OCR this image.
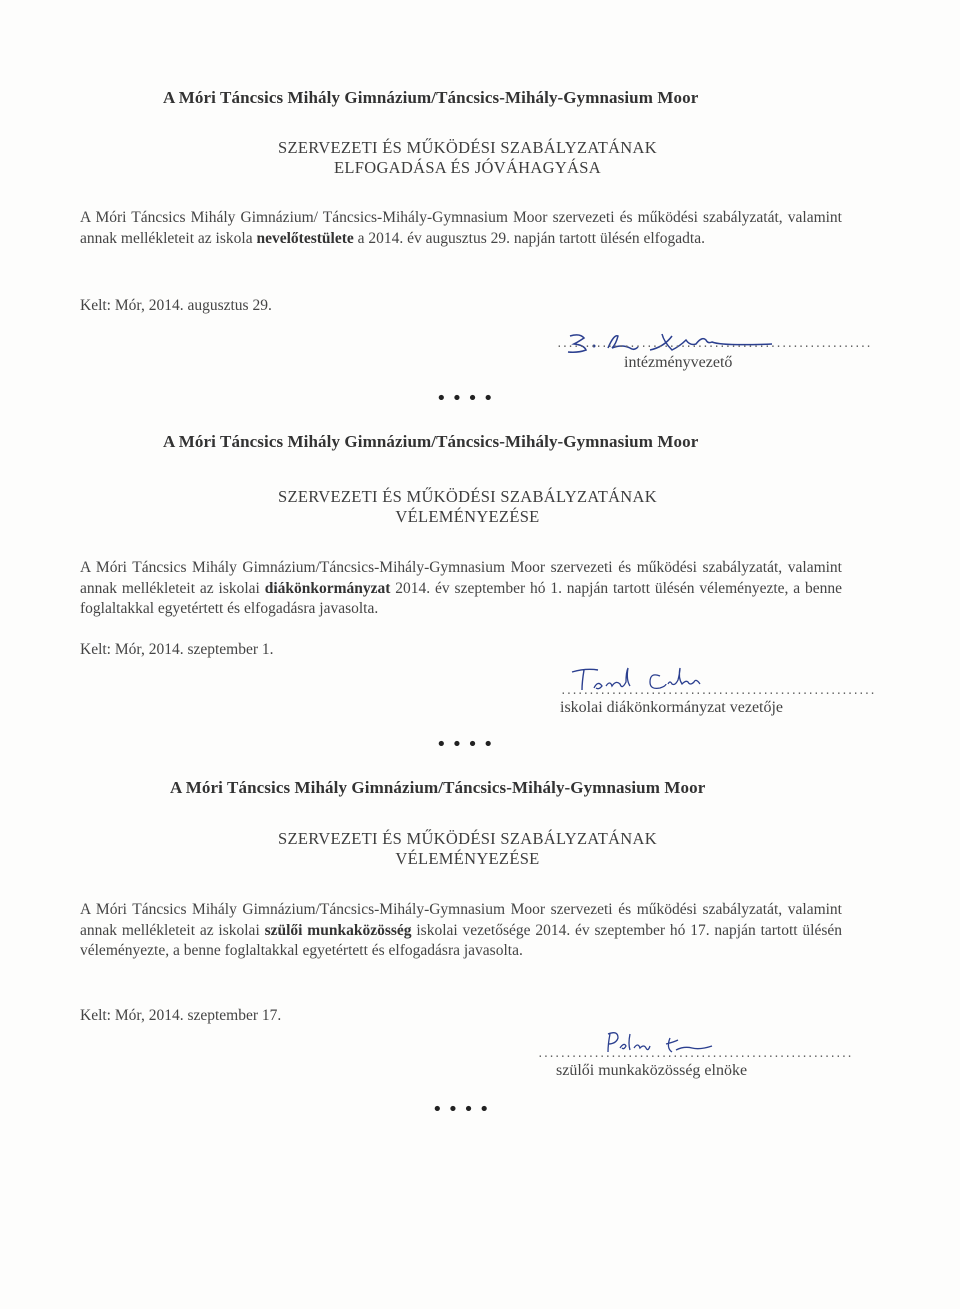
A Móri Táncsics Mihály Gimnázium/Táncsics-Mihály-Gymnasium Moor
SZERVEZETI ÉS MŰKÖDÉSI SZABÁLYZATÁNAK
ELFOGADÁSA ÉS JÓVÁHAGYÁSA
A Móri Táncsics Mihály Gimnázium/ Táncsics-Mihály-Gymnasium Moor szervezeti és működési szabályzatát, valamint annak mellékleteit az iskola nevelőtestülete a 2014. év augusztus 29. napján tartott ülésén elfogadta.
Kelt: Mór, 2014. augusztus 29.
........................................................
intézményvezető
••••
A Móri Táncsics Mihály Gimnázium/Táncsics-Mihály-Gymnasium Moor
SZERVEZETI ÉS MŰKÖDÉSI SZABÁLYZATÁNAK
VÉLEMÉNYEZÉSE
A Móri Táncsics Mihály Gimnázium/Táncsics-Mihály-Gymnasium Moor szervezeti és működési szabályzatát, valamint annak mellékleteit az iskolai diákönkormányzat 2014. év szeptember hó 1. napján tartott ülésén véleményezte, a benne foglaltakkal egyetértett és elfogadásra javasolta.
Kelt: Mór, 2014. szeptember 1.
........................................................
iskolai diákönkormányzat vezetője
••••
A Móri Táncsics Mihály Gimnázium/Táncsics-Mihály-Gymnasium Moor
SZERVEZETI ÉS MŰKÖDÉSI SZABÁLYZATÁNAK
VÉLEMÉNYEZÉSE
A Móri Táncsics Mihály Gimnázium/Táncsics-Mihály-Gymnasium Moor szervezeti és működési szabályzatát, valamint annak mellékleteit az iskolai szülői munkaközösség iskolai vezetősége 2014. év szeptember hó 17. napján tartott ülésén véleményezte, a benne foglaltakkal egyetértett és elfogadásra javasolta.
Kelt: Mór, 2014. szeptember 17.
........................................................
szülői munkaközösség elnöke
••••
